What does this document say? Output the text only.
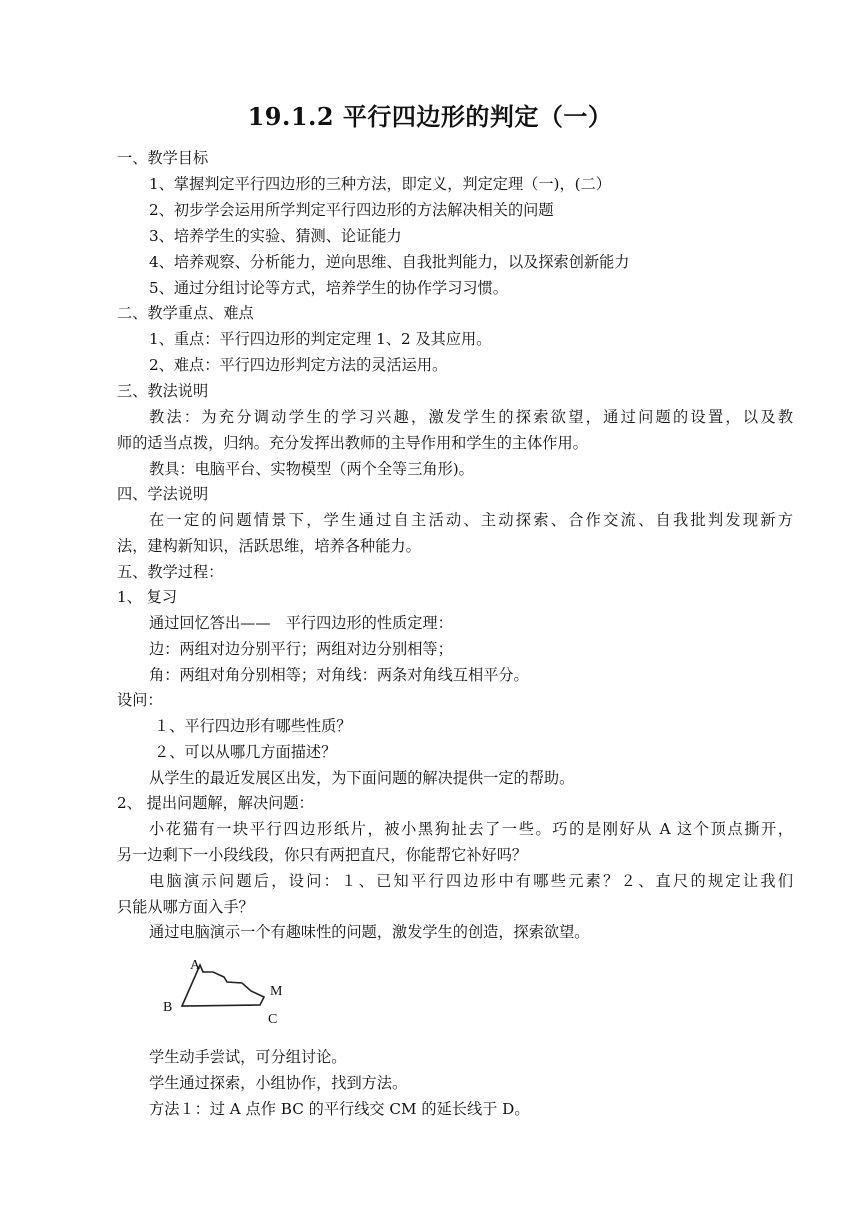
19.1.2 平行四边形的判定（一）
一、教学目标
1、掌握判定平行四边形的三种方法，即定义，判定定理（一)，(二）
2、初步学会运用所学判定平行四边形的方法解决相关的问题
3、培养学生的实验、猜测、论证能力
4、培养观察、分析能力，逆向思维、自我批判能力，以及探索创新能力
5、通过分组讨论等方式，培养学生的协作学习习惯。
二、教学重点、难点
1、重点：平行四边形的判定定理 1、2 及其应用。
2、难点：平行四边形判定方法的灵活运用。
三、教法说明
教法：为充分调动学生的学习兴趣，激发学生的探索欲望，通过问题的设置，以及教
师的适当点拨，归纳。充分发挥出教师的主导作用和学生的主体作用。
教具：电脑平台、实物模型（两个全等三角形)。
四、学法说明
在一定的问题情景下，学生通过自主活动、主动探索、合作交流、自我批判发现新方
法，建构新知识，活跃思维，培养各种能力。
五、教学过程：
1、 复习
通过回忆答出——　平行四边形的性质定理：
边：两组对边分别平行；两组对边分别相等；
角：两组对角分别相等；对角线：两条对角线互相平分。
设问：
１、平行四边形有哪些性质？
２、可以从哪几方面描述？
从学生的最近发展区出发，为下面问题的解决提供一定的帮助。
2、 提出问题解，解决问题：
小花猫有一块平行四边形纸片，被小黑狗扯去了一些。巧的是刚好从 A 这个顶点撕开，
另一边剩下一小段线段，你只有两把直尺，你能帮它补好吗？
电脑演示问题后，设问：１、已知平行四边形中有哪些元素？２、直尺的规定让我们
只能从哪方面入手？
通过电脑演示一个有趣味性的问题，激发学生的创造，探索欲望。
A
B
M
C
学生动手尝试，可分组讨论。
学生通过探索，小组协作，找到方法。
方法１：过 A 点作 BC 的平行线交 CM 的延长线于 D。
